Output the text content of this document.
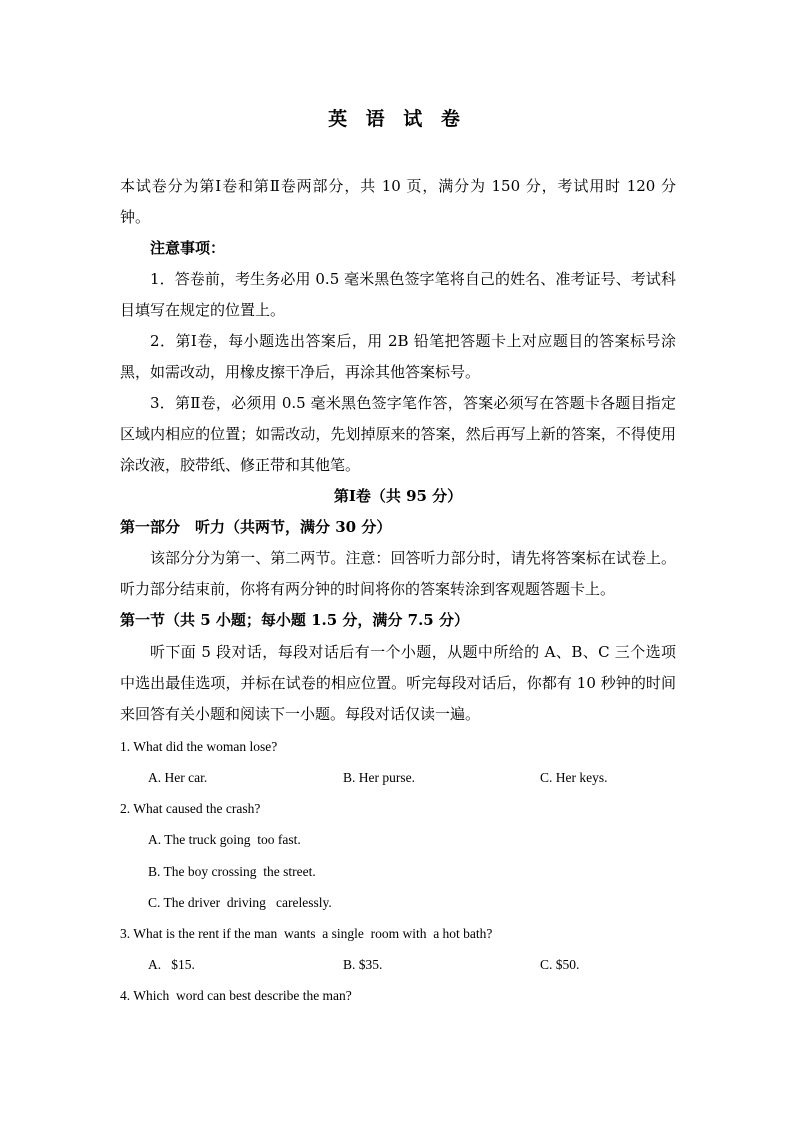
英 语 试 卷
本试卷分为第Ⅰ卷和第Ⅱ卷两部分，共 10 页，满分为 150 分，考试用时 120 分钟。
注意事项：
1．答卷前，考生务必用 0.5 毫米黑色签字笔将自己的姓名、准考证号、考试科目填写在规定的位置上。
2．第Ⅰ卷，每小题选出答案后，用 2B 铅笔把答题卡上对应题目的答案标号涂黑，如需改动，用橡皮擦干净后，再涂其他答案标号。
3．第Ⅱ卷，必须用 0.5 毫米黑色签字笔作答，答案必须写在答题卡各题目指定区域内相应的位置；如需改动，先划掉原来的答案，然后再写上新的答案，不得使用涂改液，胶带纸、修正带和其他笔。
第Ⅰ卷（共 95 分）
第一部分　听力（共两节，满分 30 分）
该部分分为第一、第二两节。注意：回答听力部分时，请先将答案标在试卷上。听力部分结束前，你将有两分钟的时间将你的答案转涂到客观题答题卡上。
第一节（共 5 小题；每小题 1.5 分，满分 7.5 分）
听下面 5 段对话，每段对话后有一个小题，从题中所给的 A、B、C 三个选项中选出最佳选项，并标在试卷的相应位置。听完每段对话后，你都有 10 秒钟的时间来回答有关小题和阅读下一小题。每段对话仅读一遍。
1. What did the woman lose?
A. Her car.	B. Her purse.	C. Her keys.
2. What caused the crash?
A. The truck going  too fast.
B. The boy crossing  the street.
C. The driver  driving   carelessly.
3. What is the rent if the man  wants  a single  room with  a hot bath?
A.   $15.	B. $35.	C. $50.
4. Which  word can best describe the man?
